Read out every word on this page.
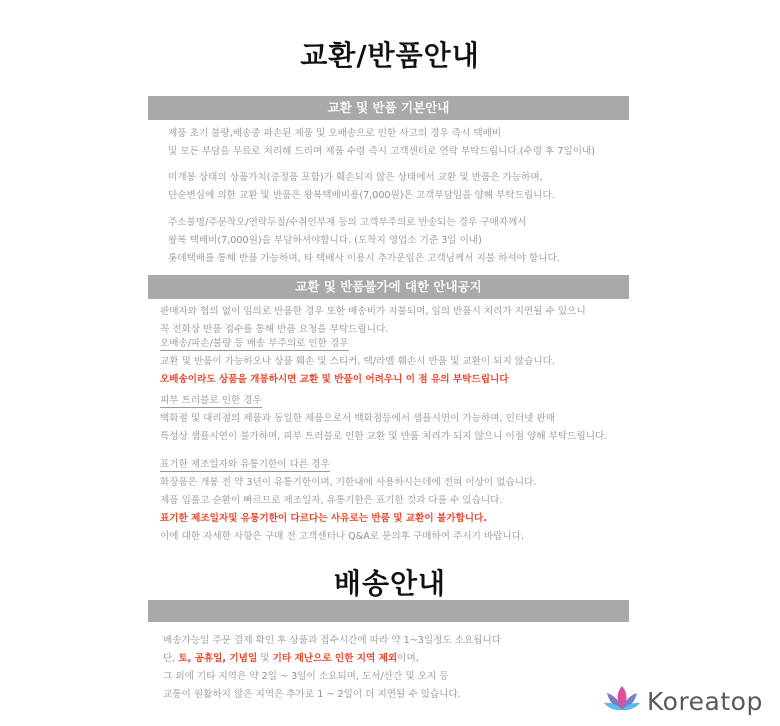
교환/반품안내
교환 및 반품 기본안내

제품 초기 불량,배송중 파손된 제품 및 오배송으로 인한 사고의 경우 즉시 택배비

및 모든 부담을 무료로 처리해 드리며 제품 수령 즉시 고객센터로 연락 부탁드립니다.(수령 후 7일이내)

미개봉 상태의 상품가치(증정품 포함)가 훼손되지 않은 상태에서 교환 및 반품은 가능하며,

단순변심에 의한 교환 및 반품은 왕복택배비용(7,000원)은 고객부담임을 양해 부탁드립니다.

주소불명/주문착오/연락두절/수취인부재 등의 고객부주의로 반송되는 경우 구매자께서

왕복 택배비(7,000원)을 부담하셔야합니다. (도착지 영업소 기준 3일 이내)

롯데택배를 통해 반품 가능하며, 타 택배사 이용시 추가운임은 고객님께서 지불 하셔야 합니다.

교환 및 반품불가에 대한 안내공지

판매자와 협의 없이 임의로 반품한 경우 또한 배송비가 지불되며, 임의 반품시 처리가 지연될 수 있으니

꼭 전화상 반품 접수를 통해 반품 요청을 부탁드립니다.

오배송/파손/불량 등 배송 부주의로 인한 경우

교환 및 반품이 가능하오나 상품 훼손 및 스티커, 택/라벨 훼손시 반품 및 교환이 되지 않습니다.

오배송이라도 상품을 개봉하시면 교환 및 반품이 어려우니 이 점 유의 부탁드립니다

피부 트러블로 인한 경우

백화점 및 대리점의 제품과 동일한 제품으로서 백화점등에서 샘플시연이 가능하며, 인터넷 판매

특성상 샘플시연이 불가하며, 피부 트러블로 인한 교환 및 반품 처리가 되지 않으니 이점 양해 부탁드립니다.

표기한 제조일자와 유통기한이 다른 경우

화장품은 개봉 전 약 3년이 유통기한이며, 기한내에 사용하시는데에 전혀 이상이 없습니다.

제품 입풀고 순환이 빠르므로 제조일자, 유통기한은 표기한 것과 다를 수 있습니다.

표기한 제조일자및 유통기한이 다르다는 사유로는 반품 및 교환이 불가합니다.

이에 대한 자세한 사항은 구매 전 고객센터나 Q&A로 문의후 구매하여 주시기 바랍니다.

배송안내

배송가능일 주문 결제 확인 후 상품과 접수시간에 따라 약 1~3일정도 소요됩니다

단, 토, 공휴일, 기념일 및 기타 재난으로 인한 지역 제외이며,

그 외에 기타 지역은 약 2일 ~ 3일이 소요되며, 도서/산간 및 오지 등

교통이 원활하지 않은 지역은 추가로 1 ~ 2일이 더 지연될 수 있습니다.	Koreatop
